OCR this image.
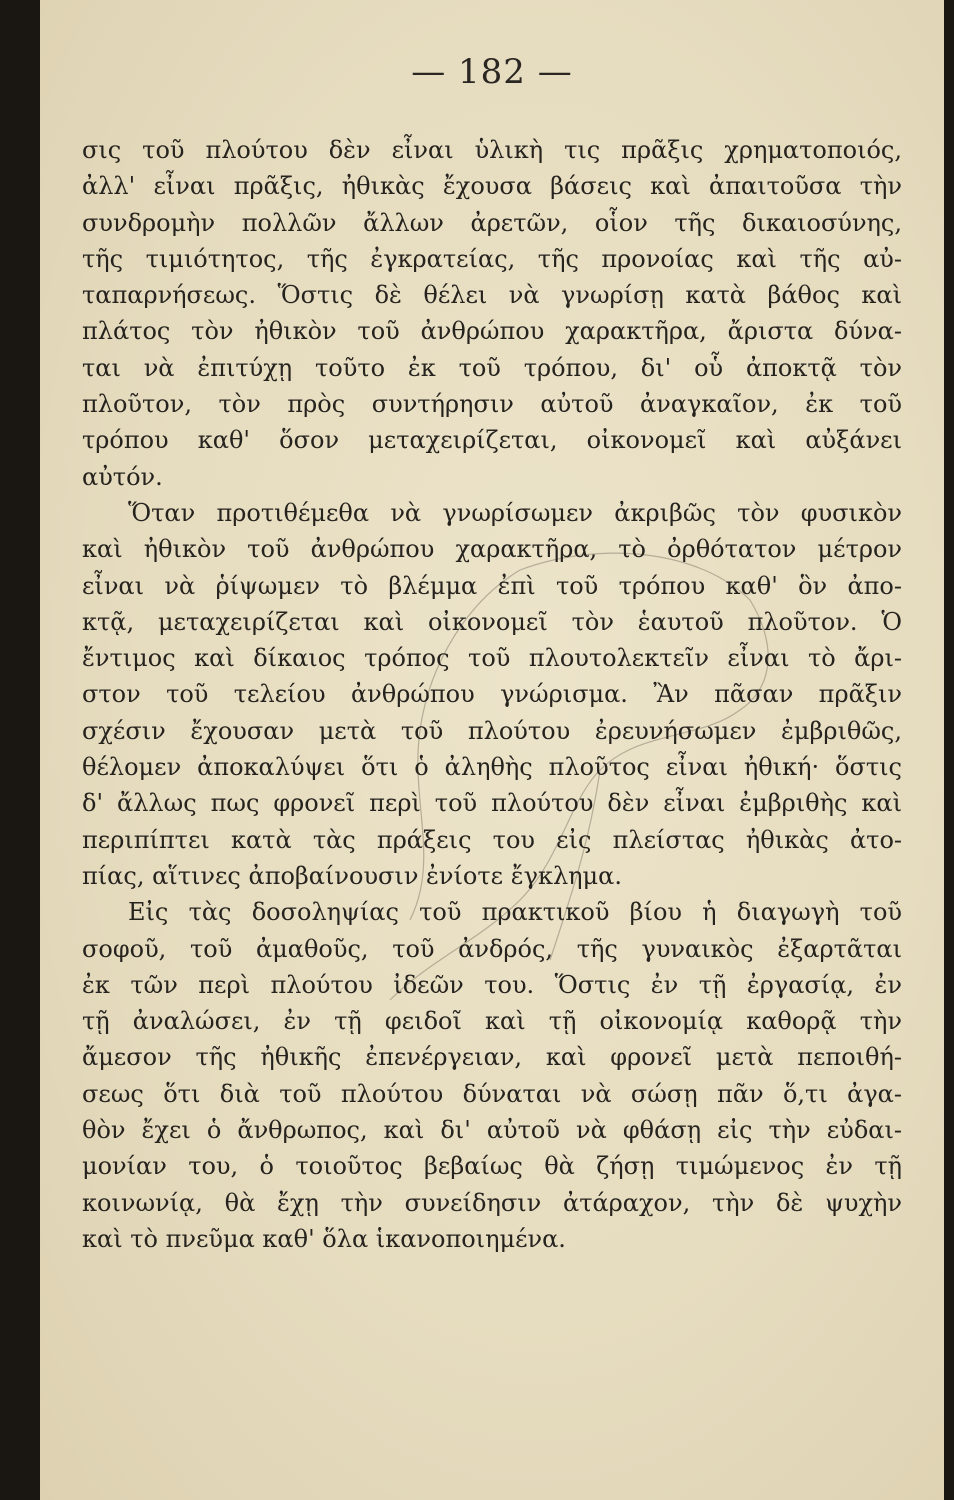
— 182 —
σις τοῦ πλούτου δὲν εἶναι ὑλικὴ τις πρᾶξις χρηματοποιός,
ἀλλ' εἶναι πρᾶξις, ἠθικὰς ἔχουσα βάσεις καὶ ἀπαιτοῦσα τὴν
συνδρομὴν πολλῶν ἄλλων ἀρετῶν, οἷον τῆς δικαιοσύνης,
τῆς τιμιότητος, τῆς ἐγκρατείας, τῆς προνοίας καὶ τῆς αὐ-
ταπαρνήσεως. Ὅστις δὲ θέλει νὰ γνωρίσῃ κατὰ βάθος καὶ
πλάτος τὸν ἠθικὸν τοῦ ἀνθρώπου χαρακτῆρα, ἄριστα δύνα-
ται νὰ ἐπιτύχῃ τοῦτο ἐκ τοῦ τρόπου, δι' οὗ ἀποκτᾷ τὸν
πλοῦτον, τὸν πρὸς συντήρησιν αὐτοῦ ἀναγκαῖον, ἐκ τοῦ
τρόπου καθ' ὅσον μεταχειρίζεται, οἰκονομεῖ καὶ αὐξάνει
αὐτόν.
Ὅταν προτιθέμεθα νὰ γνωρίσωμεν ἀκριβῶς τὸν φυσικὸν
καὶ ἠθικὸν τοῦ ἀνθρώπου χαρακτῆρα, τὸ ὀρθότατον μέτρον
εἶναι νὰ ῥίψωμεν τὸ βλέμμα ἐπὶ τοῦ τρόπου καθ' ὃν ἀπο-
κτᾷ, μεταχειρίζεται καὶ οἰκονομεῖ τὸν ἑαυτοῦ πλοῦτον. Ὁ
ἔντιμος καὶ δίκαιος τρόπος τοῦ πλουτολεκτεῖν εἶναι τὸ ἄρι-
στον τοῦ τελείου ἀνθρώπου γνώρισμα. Ἂν πᾶσαν πρᾶξιν
σχέσιν ἔχουσαν μετὰ τοῦ πλούτου ἐρευνήσωμεν ἐμβριθῶς,
θέλομεν ἀποκαλύψει ὅτι ὁ ἀληθὴς πλοῦτος εἶναι ἠθική· ὅστις
δ' ἄλλως πως φρονεῖ περὶ τοῦ πλούτου δὲν εἶναι ἐμβριθὴς καὶ
περιπίπτει κατὰ τὰς πράξεις του εἰς πλείστας ἠθικὰς ἀτο-
πίας, αἵτινες ἀποβαίνουσιν ἐνίοτε ἔγκλημα.
Εἰς τὰς δοσοληψίας τοῦ πρακτικοῦ βίου ἡ διαγωγὴ τοῦ
σοφοῦ, τοῦ ἀμαθοῦς, τοῦ ἀνδρός, τῆς γυναικὸς ἐξαρτᾶται
ἐκ τῶν περὶ πλούτου ἰδεῶν του. Ὅστις ἐν τῇ ἐργασίᾳ, ἐν
τῇ ἀναλώσει, ἐν τῇ φειδοῖ καὶ τῇ οἰκονομίᾳ καθορᾷ τὴν
ἄμεσον τῆς ἠθικῆς ἐπενέργειαν, καὶ φρονεῖ μετὰ πεποιθή-
σεως ὅτι διὰ τοῦ πλούτου δύναται νὰ σώσῃ πᾶν ὅ,τι ἀγα-
θὸν ἔχει ὁ ἄνθρωπος, καὶ δι' αὐτοῦ νὰ φθάσῃ εἰς τὴν εὐδαι-
μονίαν του, ὁ τοιοῦτος βεβαίως θὰ ζήσῃ τιμώμενος ἐν τῇ
κοινωνίᾳ, θὰ ἔχῃ τὴν συνείδησιν ἀτάραχον, τὴν δὲ ψυχὴν
καὶ τὸ πνεῦμα καθ' ὅλα ἱκανοποιημένα.
